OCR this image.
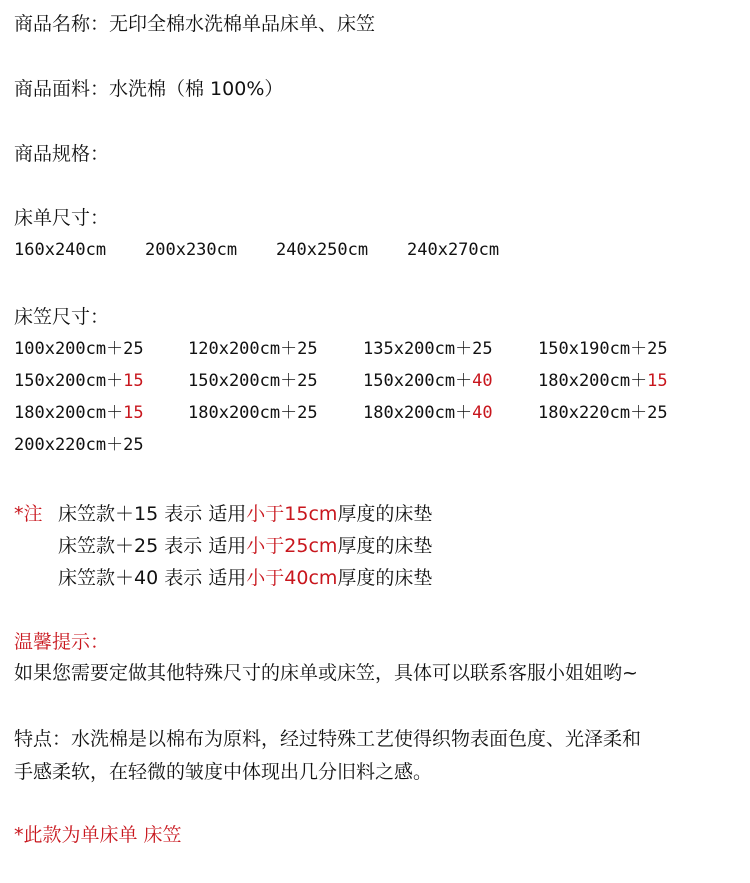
商品名称：无印全棉水洗棉单品床单、床笠
商品面料：水洗棉（棉 100%）
商品规格：
床单尺寸：
160x240cm 200x230cm 240x250cm 240x270cm
床笠尺寸：
100x200cm＋25	120x200cm＋25	135x200cm＋25	150x190cm＋25
150x200cm＋15	150x200cm＋25	150x200cm＋40	180x200cm＋15
180x200cm＋15	180x200cm＋25	180x200cm＋40	180x220cm＋25
200x220cm＋25
*注 床笠款＋15 表示 适用小于15cm厚度的床垫
床笠款＋25 表示 适用小于25cm厚度的床垫
床笠款＋40 表示 适用小于40cm厚度的床垫
温馨提示：
如果您需要定做其他特殊尺寸的床单或床笠，具体可以联系客服小姐姐哟~
特点：水洗棉是以棉布为原料，经过特殊工艺使得织物表面色度、光泽柔和
手感柔软，在轻微的皱度中体现出几分旧料之感。
*此款为单床单 床笠
